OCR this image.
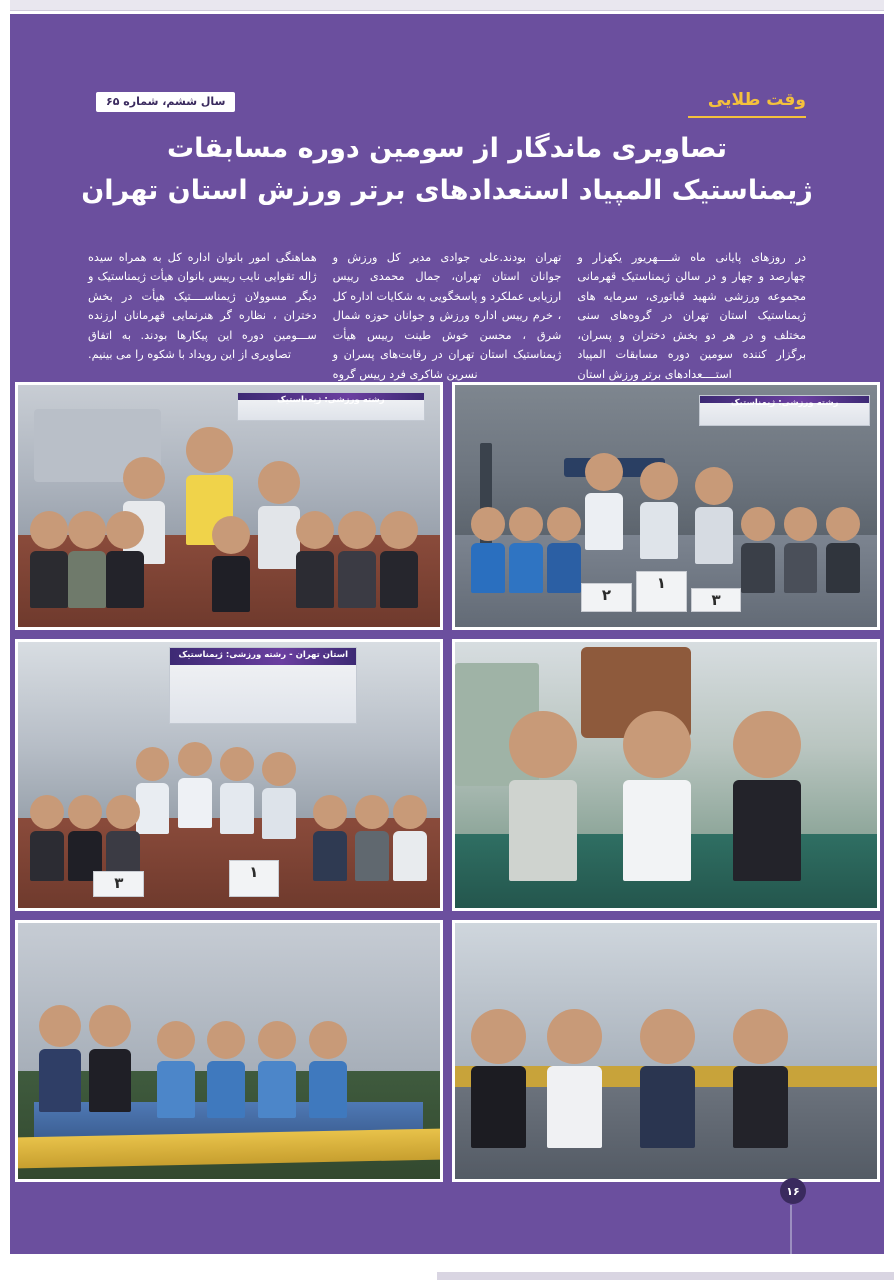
وقت طلایی
سال ششم، شماره ۶۵
تصاویری ماندگار از سومین دوره مسابقات
ژیمناستیک المپیاد استعدادهای برتر ورزش استان تهران
در روزهای پایانی ماه شــــهریور یکهزار و چهارصد و چهار و در سالن ژیمناستیک قهرمانی مجموعه ورزشی شهید قباتوری، سرمایه های ژیمناستیک استان تهران در گروه‌های سنی مختلف و در هر دو بخش دختران و پسران، برگزار کننده سومین دوره مسابقات المپیاد استــــعدادهای برتر ورزش استان
تهران بودند.علی جوادی مدیر کل ورزش و جوانان استان تهران، جمال محمدی رییس ارزیابی عملکرد و پاسخگویی به شکایات اداره کل ، خرم رییس اداره ورزش و جوانان حوزه شمال شرق ، محسن خوش طینت رییس هیأت ژیمناستیک استان تهران در رقابت‌های پسران و نسرین شاکری فرد رییس گروه
هماهنگی امور بانوان اداره کل به همراه سیده ژاله تقوایی نایب رییس بانوان هیأت ژیمناستیک و دیگر مسوولان ژیمناســــتیک هیأت در بخش دختران ، نظاره گر هنرنمایی قهرمانان ارزنده ســـومین دوره این پیکارها بودند. به اتفاق تصاویری از این رویداد با شکوه را می بینیم.
رشته ورزشی: ژیمناستیک
۲
۱
۳
رشته ورزشی: ژیمناستیک
استان تهران - رشته ورزشی: ژیمناستیک
۱
۳
۱۶
